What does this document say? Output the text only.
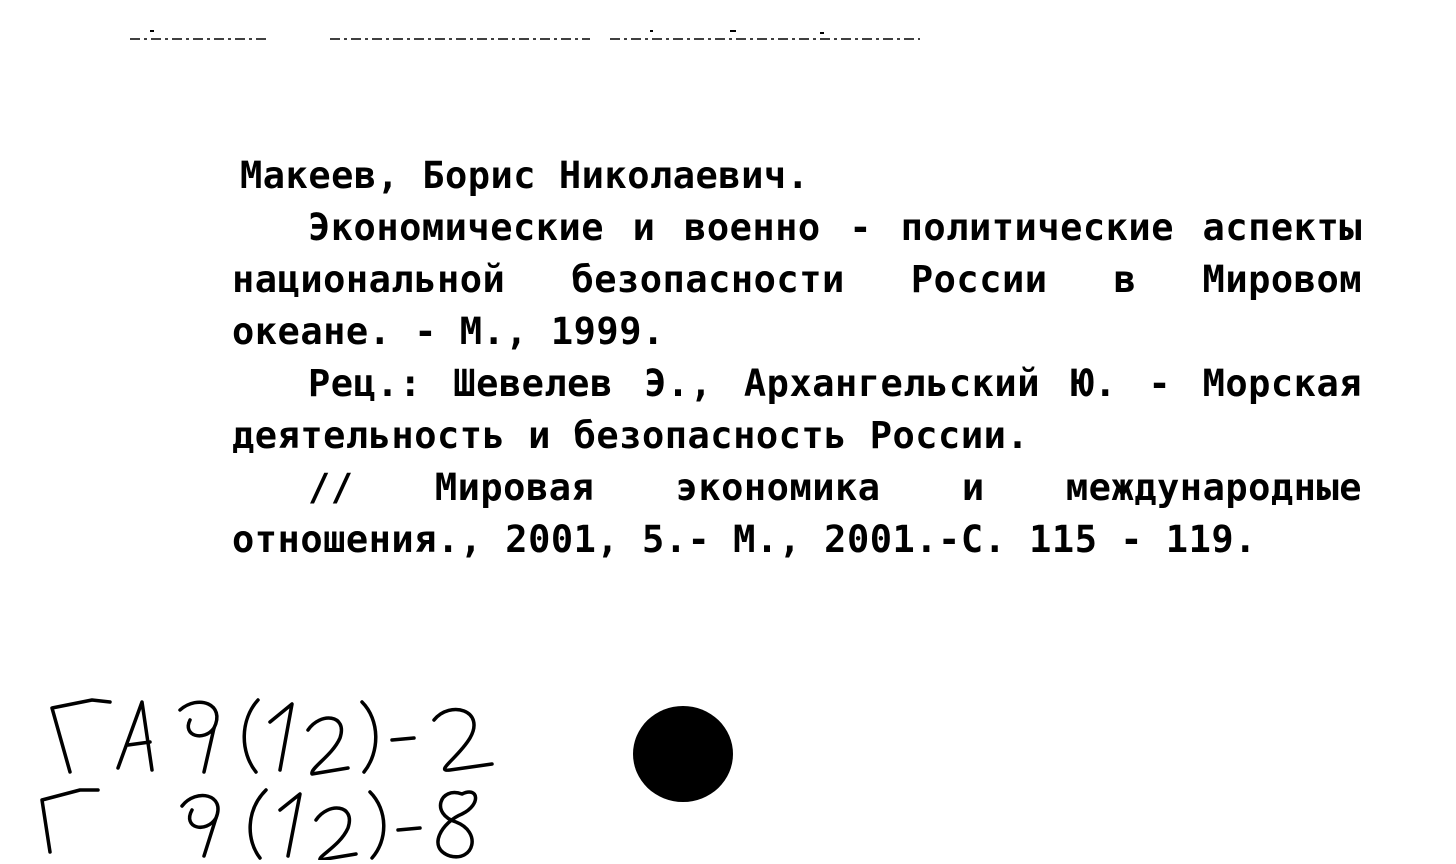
Макеев, Борис Николаевич.

Экономические и военно - политические аспекты национальной безопасности России в Мировом океане. - М., 1999.

Рец.: Шевелев Э., Архангельский Ю. - Морская деятельность и безопасность России.

// Мировая экономика и международные отношения., 2001, 5.- М., 2001.-С. 115 - 119.
